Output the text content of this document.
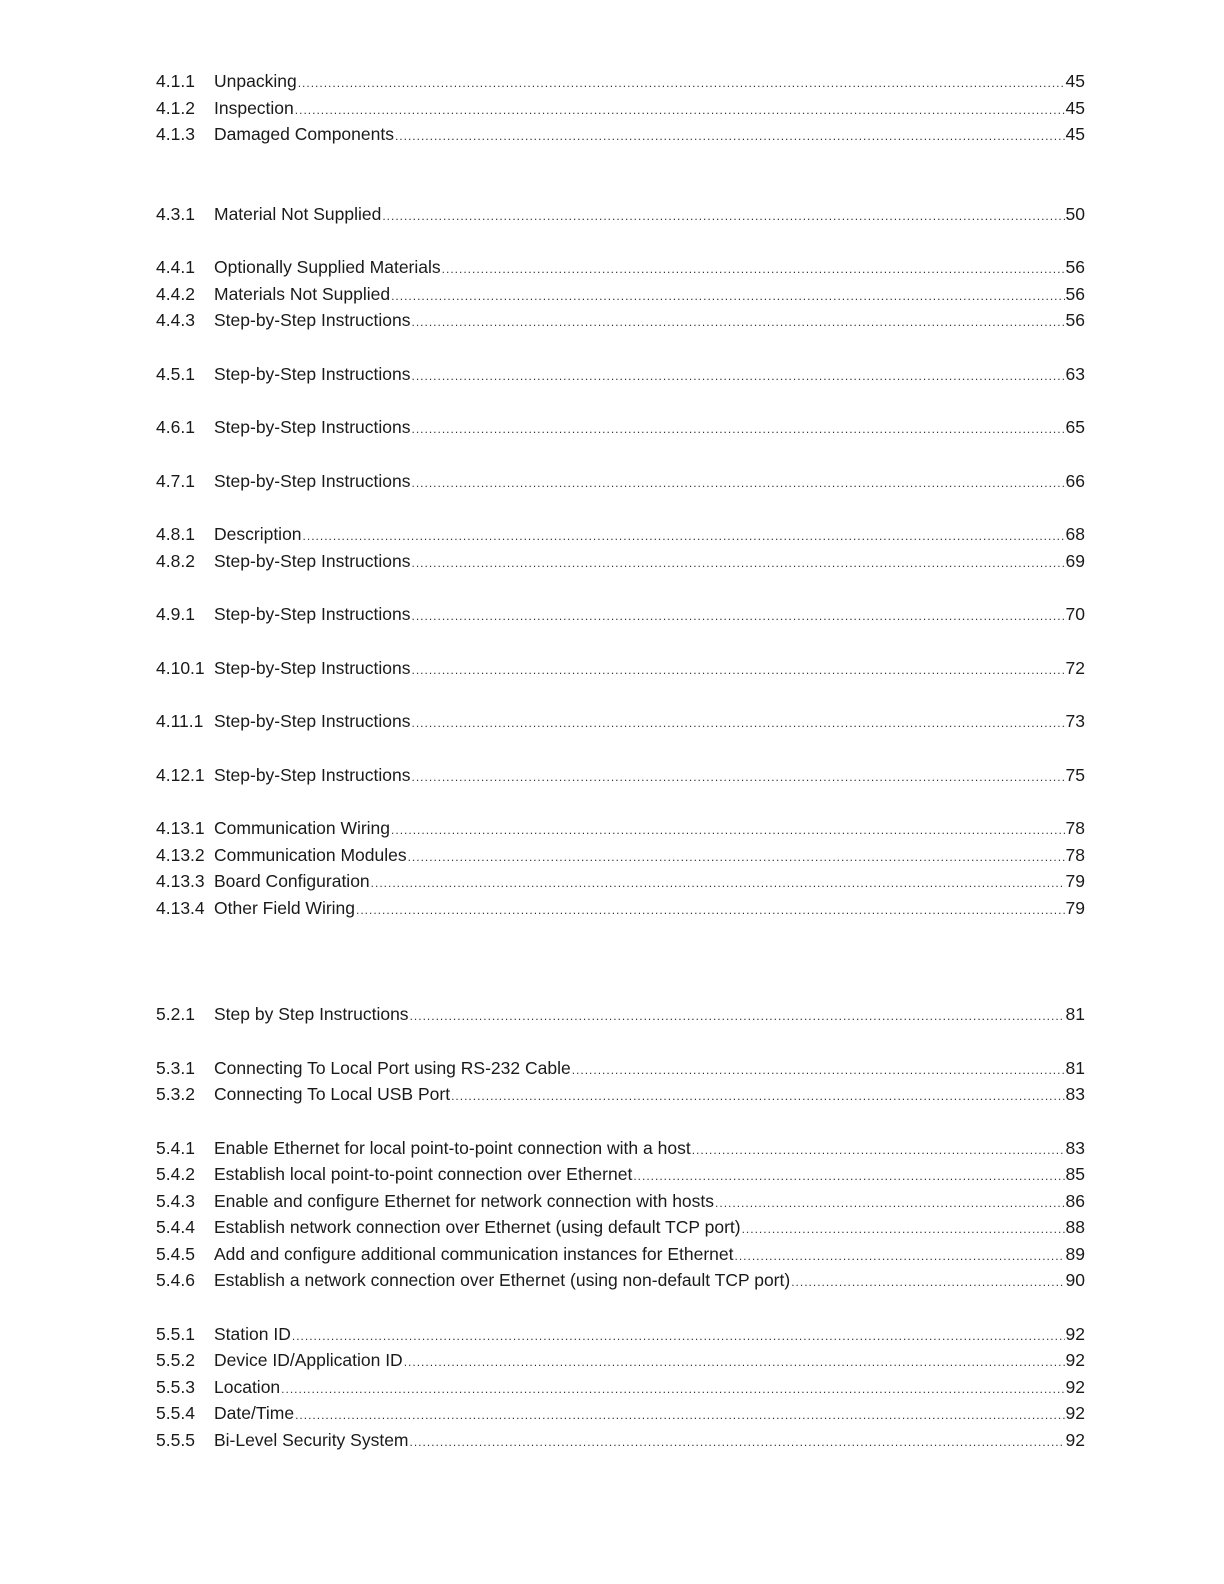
4.1.1	Unpacking .....	45
4.1.2	Inspection .....	45
4.1.3	Damaged Components .....	45
4.3.1	Material Not Supplied .....	50
4.4.1	Optionally Supplied Materials .....	56
4.4.2	Materials Not Supplied .....	56
4.4.3	Step-by-Step Instructions .....	56
4.5.1	Step-by-Step Instructions .....	63
4.6.1	Step-by-Step Instructions .....	65
4.7.1	Step-by-Step Instructions .....	66
4.8.1	Description .....	68
4.8.2	Step-by-Step Instructions .....	69
4.9.1	Step-by-Step Instructions .....	70
4.10.1 Step-by-Step Instructions .....	72
4.11.1 Step-by-Step Instructions .....	73
4.12.1 Step-by-Step Instructions .....	75
4.13.1 Communication Wiring .....	78
4.13.2 Communication Modules .....	78
4.13.3 Board Configuration .....	79
4.13.4 Other Field Wiring .....	79
5.2.1	Step by Step Instructions .....	81
5.3.1	Connecting To Local Port using RS-232 Cable .....	81
5.3.2	Connecting To Local USB Port .....	83
5.4.1	Enable Ethernet for local point-to-point connection with a host .....	83
5.4.2	Establish local point-to-point connection over Ethernet .....	85
5.4.3	Enable and configure Ethernet for network connection with hosts .....	86
5.4.4	Establish network connection over Ethernet (using default TCP port) .....	88
5.4.5	Add and configure additional communication instances for Ethernet .....	89
5.4.6	Establish a network connection over Ethernet (using non-default TCP port) .....	90
5.5.1	Station ID .....	92
5.5.2	Device ID/Application ID .....	92
5.5.3	Location .....	92
5.5.4	Date/Time .....	92
5.5.5	Bi-Level Security System .....	92
